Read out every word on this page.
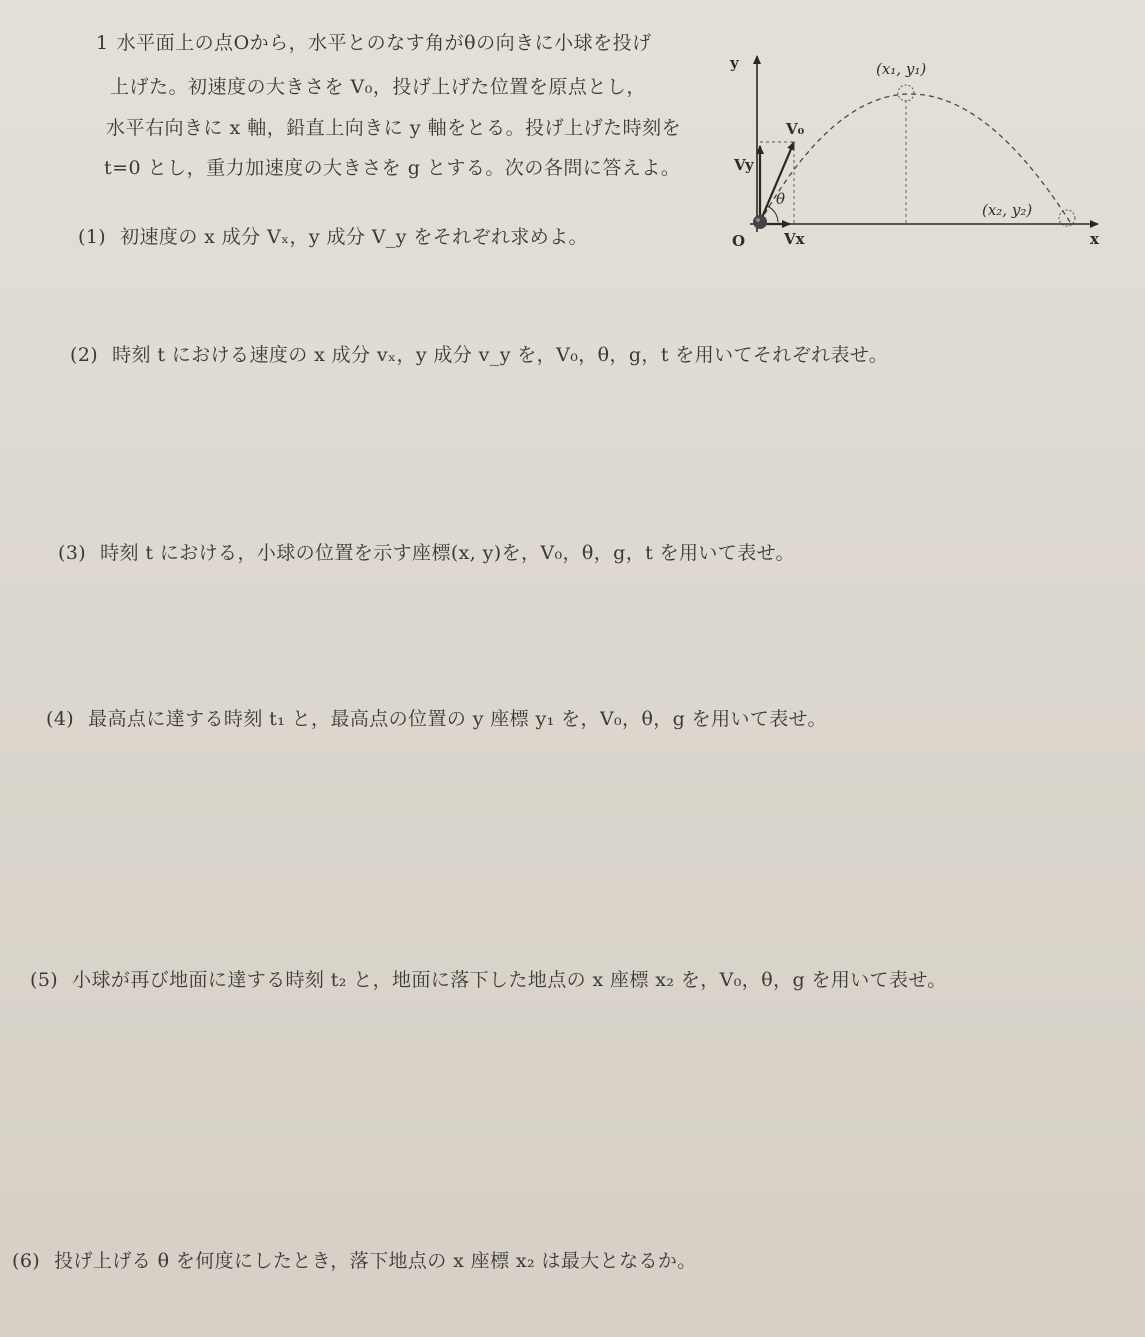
1 水平面上の点Oから，水平とのなす角がθの向きに小球を投げ
上げた。初速度の大きさを V₀，投げ上げた位置を原点とし，
水平右向きに x 軸，鉛直上向きに y 軸をとる。投げ上げた時刻を
t=0 とし，重力加速度の大きさを g とする。次の各問に答えよ。
y
x
O
(x₁, y₁)
(x₂, y₂)
V₀
Vy
Vx
θ
(1) 初速度の x 成分 Vₓ，y 成分 V_y をそれぞれ求めよ。
(2) 時刻 t における速度の x 成分 vₓ，y 成分 v_y を，V₀，θ，g，t を用いてそれぞれ表せ。
(3) 時刻 t における，小球の位置を示す座標(x, y)を，V₀，θ，g，t を用いて表せ。
(4) 最高点に達する時刻 t₁ と，最高点の位置の y 座標 y₁ を，V₀，θ，g を用いて表せ。
(5) 小球が再び地面に達する時刻 t₂ と，地面に落下した地点の x 座標 x₂ を，V₀，θ，g を用いて表せ。
(6) 投げ上げる θ を何度にしたとき，落下地点の x 座標 x₂ は最大となるか。
